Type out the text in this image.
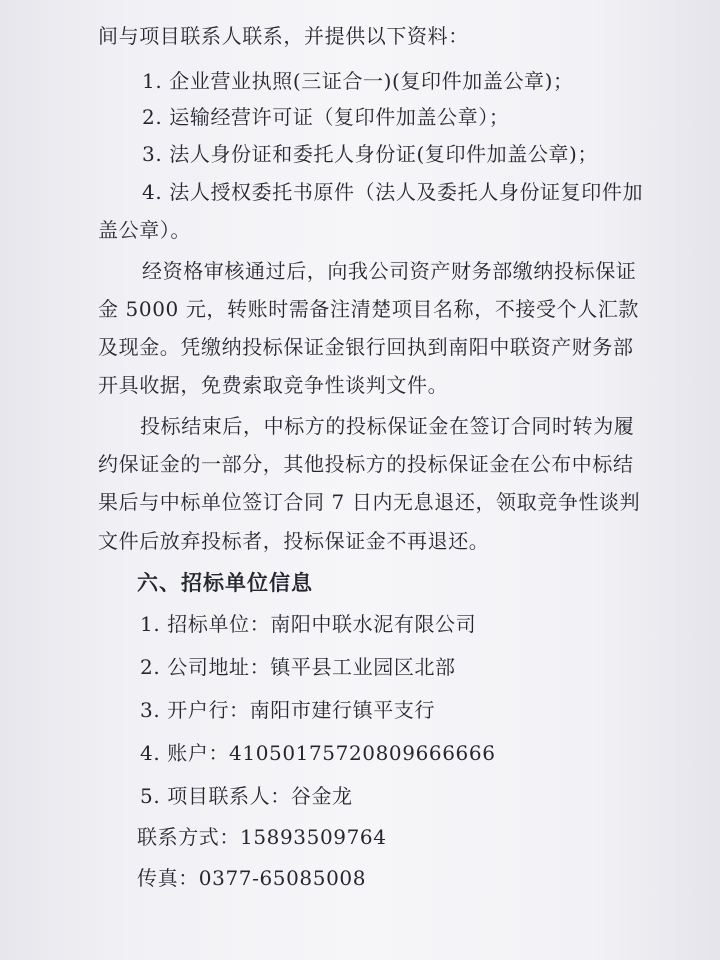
间与项目联系人联系，并提供以下资料：
1. 企业营业执照(三证合一)(复印件加盖公章)；
2. 运输经营许可证（复印件加盖公章）；
3. 法人身份证和委托人身份证(复印件加盖公章)；
4. 法人授权委托书原件（法人及委托人身份证复印件加
盖公章）。
经资格审核通过后，向我公司资产财务部缴纳投标保证
金 5000 元，转账时需备注清楚项目名称，不接受个人汇款
及现金。凭缴纳投标保证金银行回执到南阳中联资产财务部
开具收据，免费索取竞争性谈判文件。
投标结束后，中标方的投标保证金在签订合同时转为履
约保证金的一部分，其他投标方的投标保证金在公布中标结
果后与中标单位签订合同 7 日内无息退还，领取竞争性谈判
文件后放弃投标者，投标保证金不再退还。
六、招标单位信息
1. 招标单位：南阳中联水泥有限公司
2. 公司地址：镇平县工业园区北部
3. 开户行：南阳市建行镇平支行
4. 账户：41050175720809666666
5. 项目联系人：谷金龙
联系方式：15893509764
传真：0377-65085008
